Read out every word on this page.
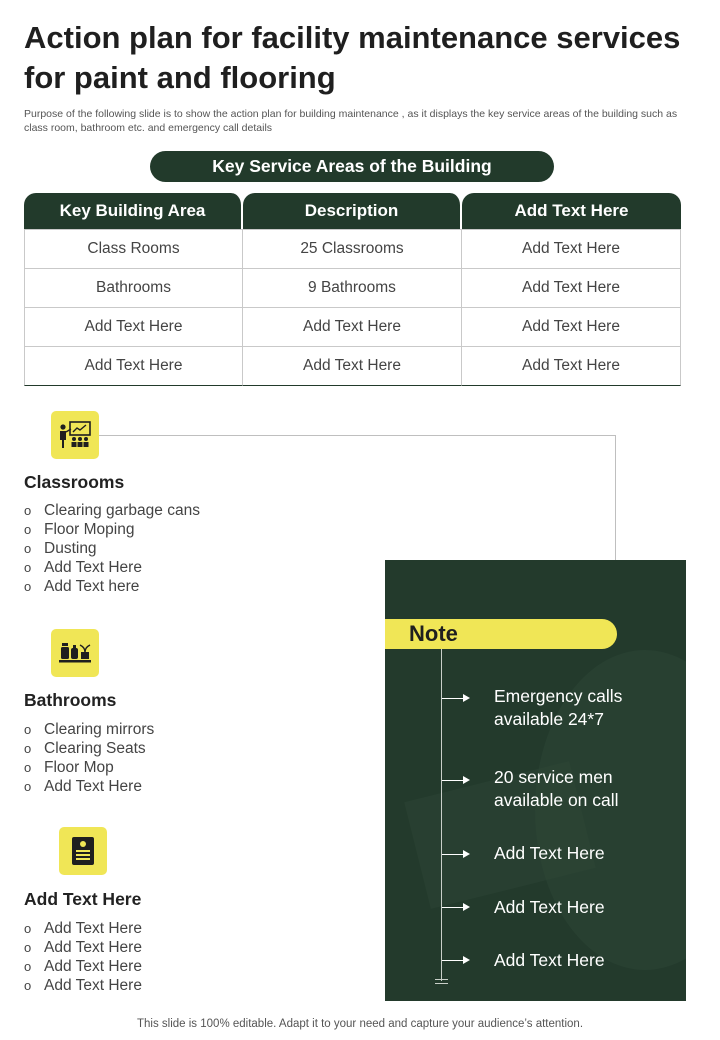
Action plan for facility maintenance services for paint and flooring

Purpose of the following slide is to show the action plan for building maintenance , as it displays the key service areas of the building such as class room, bathroom etc. and emergency call details

Key Service Areas of the Building
Key Building Area	Description	Add Text Here
Class Rooms	25 Classrooms	Add Text Here
Bathrooms	9 Bathrooms	Add Text Here
Add Text Here	Add Text Here	Add Text Here
Add Text Here	Add Text Here	Add Text Here
Classrooms
o Clearing garbage cans
o Floor Moping
o Dusting
o Add Text Here
o Add Text here
Bathrooms
o Clearing mirrors
o Clearing Seats
o Floor Mop
o Add Text Here
Add Text Here
o Add Text Here
o Add Text Here
o Add Text Here
o Add Text Here
Note

Emergency calls available 24*7

20 service men available on call

Add Text Here

Add Text Here

Add Text Here

This slide is 100% editable. Adapt it to your need and capture your audience’s attention.
